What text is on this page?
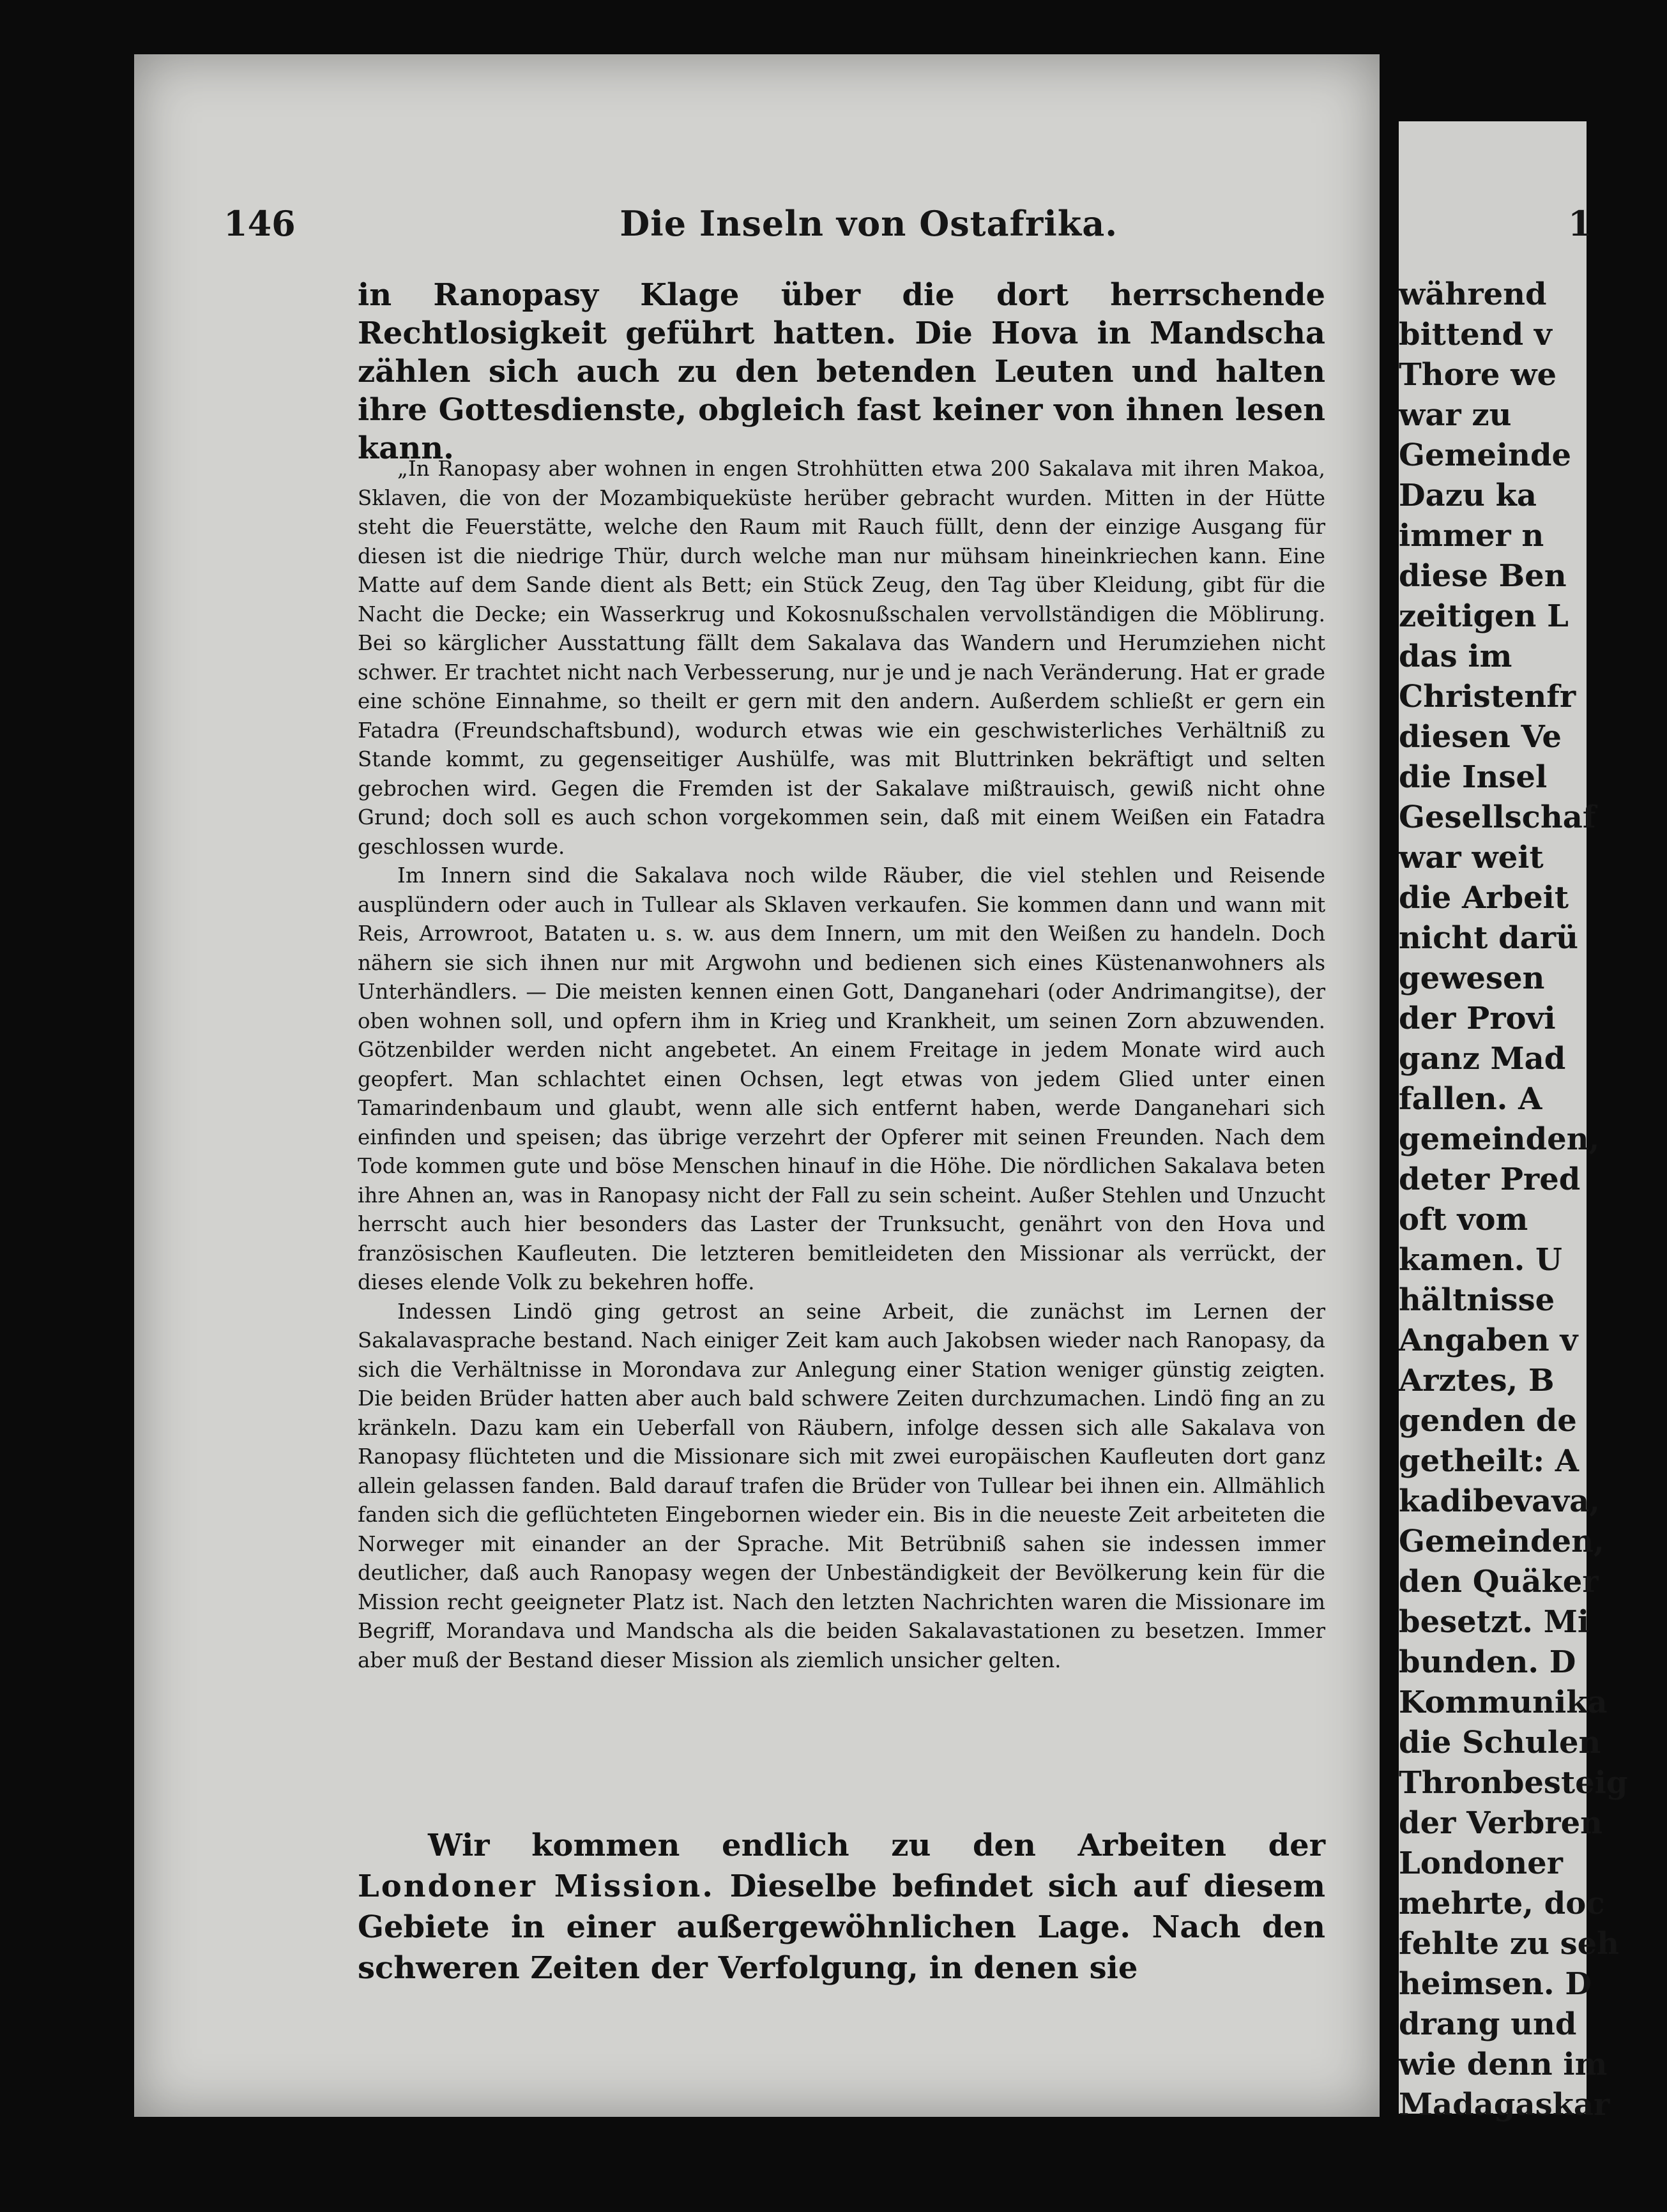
1
während
bittend v
Thore we
war zu
Gemeinde
Dazu ka
immer n
diese Ben
zeitigen L
das im
Christenfr
diesen Ve
die Insel
Gesellschaf
war weit
die Arbeit
nicht darü
gewesen
der Provi
ganz Mad
fallen. A
gemeinden,
deter Pred
oft vom
kamen. U
hältnisse
Angaben v
Arztes, B
genden de
getheilt: A
kadibevava,
Gemeinden,
den Quäker
besetzt. Mi
bunden. D
Kommunika
die Schulen
Thronbesteig
der Verbren
Londoner
mehrte, doc
fehlte zu seh
heimsen. D
drang und
wie denn im
Madagaskar
146	Die Inseln von Ostafrika.

in Ranopasy Klage über die dort herrschende Rechtlosigkeit geführt hatten. Die Hova in Mandscha zählen sich auch zu den betenden Leuten und halten ihre Gottesdienste, obgleich fast keiner von ihnen lesen kann.

„In Ranopasy aber wohnen in engen Strohhütten etwa 200 Sakalava mit ihren Makoa, Sklaven, die von der Mozambiqueküste herüber gebracht wurden. Mitten in der Hütte steht die Feuerstätte, welche den Raum mit Rauch füllt, denn der einzige Ausgang für diesen ist die niedrige Thür, durch welche man nur mühsam hineinkriechen kann. Eine Matte auf dem Sande dient als Bett; ein Stück Zeug, den Tag über Kleidung, gibt für die Nacht die Decke; ein Wasserkrug und Kokosnußschalen vervollständigen die Möblirung. Bei so kärglicher Ausstattung fällt dem Sakalava das Wandern und Herumziehen nicht schwer. Er trachtet nicht nach Verbesserung, nur je und je nach Veränderung. Hat er grade eine schöne Einnahme, so theilt er gern mit den andern. Außerdem schließt er gern ein Fatadra (Freundschaftsbund), wodurch etwas wie ein geschwisterliches Verhältniß zu Stande kommt, zu gegenseitiger Aushülfe, was mit Bluttrinken bekräftigt und selten gebrochen wird. Gegen die Fremden ist der Sakalave mißtrauisch, gewiß nicht ohne Grund; doch soll es auch schon vorgekommen sein, daß mit einem Weißen ein Fatadra geschlossen wurde.

Im Innern sind die Sakalava noch wilde Räuber, die viel stehlen und Reisende ausplündern oder auch in Tullear als Sklaven verkaufen. Sie kommen dann und wann mit Reis, Arrowroot, Bataten u. s. w. aus dem Innern, um mit den Weißen zu handeln. Doch nähern sie sich ihnen nur mit Argwohn und bedienen sich eines Küstenanwohners als Unterhändlers. — Die meisten kennen einen Gott, Danganehari (oder Andrimangitse), der oben wohnen soll, und opfern ihm in Krieg und Krankheit, um seinen Zorn abzuwenden. Götzenbilder werden nicht angebetet. An einem Freitage in jedem Monate wird auch geopfert. Man schlachtet einen Ochsen, legt etwas von jedem Glied unter einen Tamarindenbaum und glaubt, wenn alle sich entfernt haben, werde Danganehari sich einfinden und speisen; das übrige verzehrt der Opferer mit seinen Freunden. Nach dem Tode kommen gute und böse Menschen hinauf in die Höhe. Die nördlichen Sakalava beten ihre Ahnen an, was in Ranopasy nicht der Fall zu sein scheint. Außer Stehlen und Unzucht herrscht auch hier besonders das Laster der Trunksucht, genährt von den Hova und französischen Kaufleuten. Die letzteren bemitleideten den Missionar als verrückt, der dieses elende Volk zu bekehren hoffe.

Indessen Lindö ging getrost an seine Arbeit, die zunächst im Lernen der Sakalavasprache bestand. Nach einiger Zeit kam auch Jakobsen wieder nach Ranopasy, da sich die Verhältnisse in Morondava zur Anlegung einer Station weniger günstig zeigten. Die beiden Brüder hatten aber auch bald schwere Zeiten durchzumachen. Lindö fing an zu kränkeln. Dazu kam ein Ueberfall von Räubern, infolge dessen sich alle Sakalava von Ranopasy flüchteten und die Missionare sich mit zwei europäischen Kaufleuten dort ganz allein gelassen fanden. Bald darauf trafen die Brüder von Tullear bei ihnen ein. Allmählich fanden sich die geflüchteten Eingebornen wieder ein. Bis in die neueste Zeit arbeiteten die Norweger mit einander an der Sprache. Mit Betrübniß sahen sie indessen immer deutlicher, daß auch Ranopasy wegen der Unbeständigkeit der Bevölkerung kein für die Mission recht geeigneter Platz ist. Nach den letzten Nachrichten waren die Missionare im Begriff, Morandava und Mandscha als die beiden Sakalavastationen zu besetzen. Immer aber muß der Bestand dieser Mission als ziemlich unsicher gelten.

Wir kommen endlich zu den Arbeiten der Londoner Mission. Dieselbe befindet sich auf diesem Gebiete in einer außergewöhnlichen Lage. Nach den schweren Zeiten der Verfolgung, in denen sie
